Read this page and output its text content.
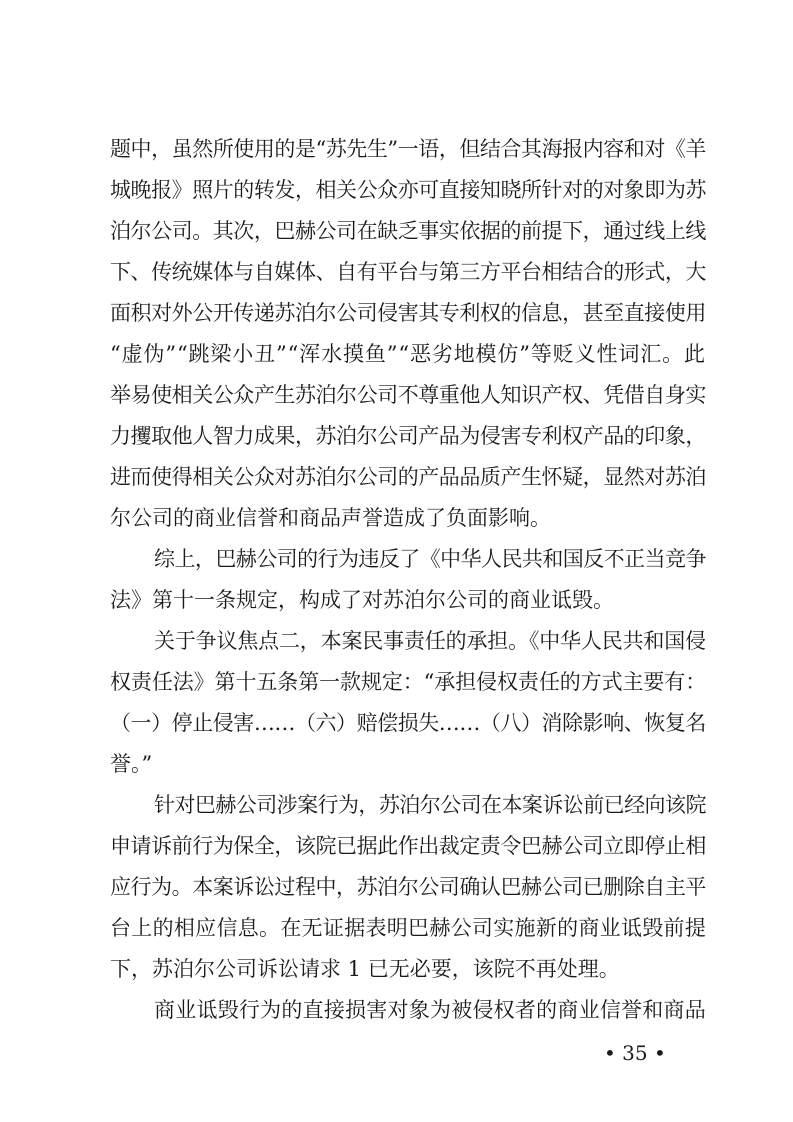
题中，虽然所使用的是“苏先生”一语，但结合其海报内容和对《羊
城晚报》照片的转发，相关公众亦可直接知晓所针对的对象即为苏
泊尔公司。其次，巴赫公司在缺乏事实依据的前提下，通过线上线
下、传统媒体与自媒体、自有平台与第三方平台相结合的形式，大
面积对外公开传递苏泊尔公司侵害其专利权的信息，甚至直接使用
“虚伪”“跳梁小丑”“浑水摸鱼”“恶劣地模仿”等贬义性词汇。此
举易使相关公众产生苏泊尔公司不尊重他人知识产权、凭借自身实
力攫取他人智力成果，苏泊尔公司产品为侵害专利权产品的印象，
进而使得相关公众对苏泊尔公司的产品品质产生怀疑，显然对苏泊
尔公司的商业信誉和商品声誉造成了负面影响。
综上，巴赫公司的行为违反了《中华人民共和国反不正当竞争
法》第十一条规定，构成了对苏泊尔公司的商业诋毁。
关于争议焦点二，本案民事责任的承担。《中华人民共和国侵
权责任法》第十五条第一款规定：“承担侵权责任的方式主要有：
（一）停止侵害……（六）赔偿损失……（八）消除影响、恢复名
誉。”
针对巴赫公司涉案行为，苏泊尔公司在本案诉讼前已经向该院
申请诉前行为保全，该院已据此作出裁定责令巴赫公司立即停止相
应行为。本案诉讼过程中，苏泊尔公司确认巴赫公司已删除自主平
台上的相应信息。在无证据表明巴赫公司实施新的商业诋毁前提
下，苏泊尔公司诉讼请求 1 已无必要，该院不再处理。
商业诋毁行为的直接损害对象为被侵权者的商业信誉和商品
• 35 •
